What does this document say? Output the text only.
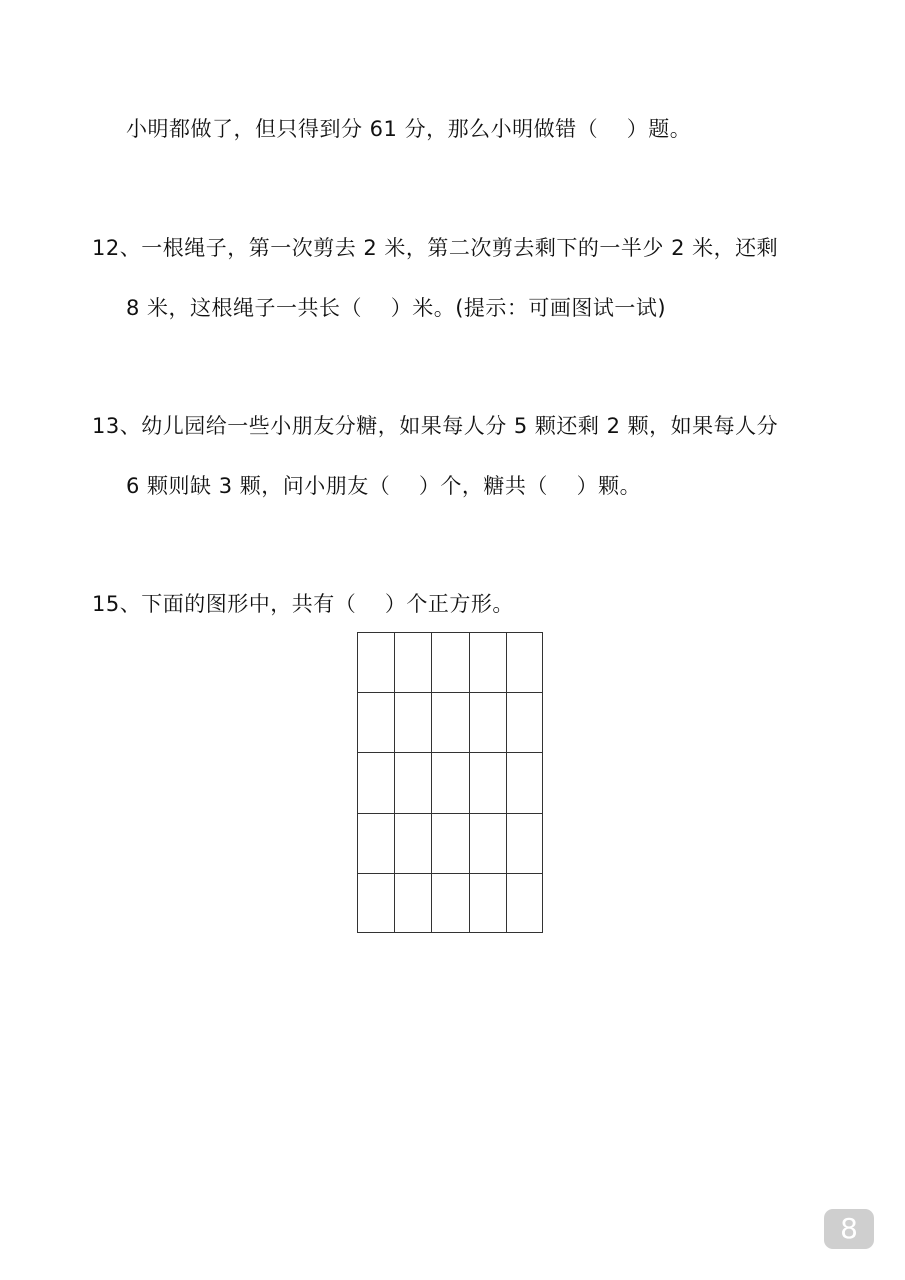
小明都做了，但只得到分 61 分，那么小明做错（　 ）题。
12、一根绳子，第一次剪去 2 米，第二次剪去剩下的一半少 2 米，还剩
8 米，这根绳子一共长（　 ）米。(提示：可画图试一试)
13、幼儿园给一些小朋友分糖，如果每人分 5 颗还剩 2 颗，如果每人分
6 颗则缺 3 颗，问小朋友（　 ）个，糖共（　 ）颗。
15、下面的图形中，共有（　 ）个正方形。
8
